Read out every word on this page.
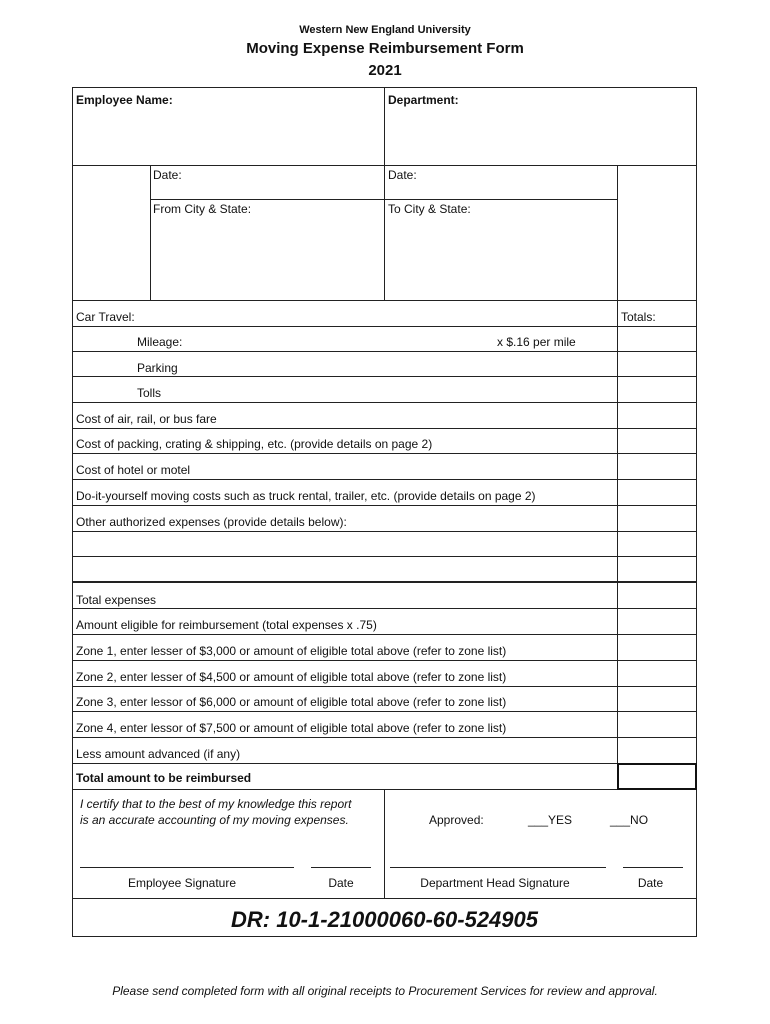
Western New England University
Moving Expense Reimbursement Form
2021
Employee Name:	Department:
Date:	Date:
From City & State:	To City & State:
Car Travel:	Totals:
Mileage:	x $.16 per mile
Parking
Tolls
Cost of air, rail, or bus fare
Cost of packing, crating & shipping, etc. (provide details on page 2)
Cost of hotel or motel
Do-it-yourself moving costs such as truck rental, trailer, etc. (provide details on page 2)
Other authorized expenses (provide details below):
Total expenses
Amount eligible for reimbursement (total expenses x .75)
Zone 1, enter lesser of $3,000 or amount of eligible total above (refer to zone list)
Zone 2, enter lesser of $4,500 or amount of eligible total above (refer to zone list)
Zone 3, enter lessor of $6,000 or amount of eligible total above (refer to zone list)
Zone 4, enter lessor of $7,500 or amount of eligible total above (refer to zone list)
Less amount advanced (if any)
Total amount to be reimbursed
I certify that to the best of my knowledge this report
is an accurate accounting of my moving expenses.	Approved:	___YES	___NO
Employee Signature	Date	Department Head Signature	Date
DR: 10-1-21000060-60-524905
Please send completed form with all original receipts to Procurement Services for review and approval.
